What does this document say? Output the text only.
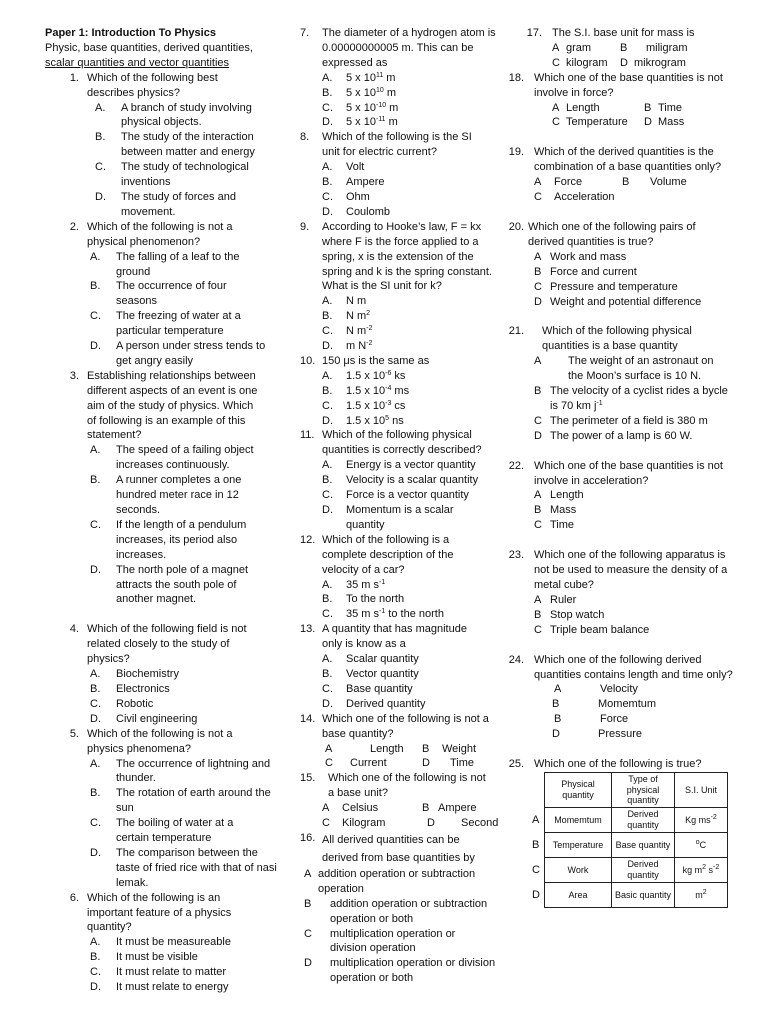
Paper 1: Introduction To Physics
Physic, base quantities, derived quantities,
scalar quantities and vector quantities
1. Which of the following best describes physics?
A.	A branch of study involving physical objects.
B.	The study of the interaction between matter and energy
C.	The study of technological inventions
D.	The study of forces and movement.
2. Which of the following is not a physical phenomenon?
A.	The falling of a leaf to the ground
B.	The occurrence of four seasons
C.	The freezing of water at a particular temperature
D.	A person under stress tends to get angry easily
3. Establishing relationships between different aspects of an event is one aim of the study of physics. Which of following is an example of this statement?
A.	The speed of a failing object increases continuously.
B.	A runner completes a one hundred meter race in 12 seconds.
C.	If the length of a pendulum increases, its period also increases.
D.	The north pole of a magnet attracts the south pole of another magnet.
4. Which of the following field is not related closely to the study of physics?
A.	Biochemistry
B.	Electronics
C.	Robotic
D.	Civil engineering
5. Which of the following is not a physics phenomena?
A.	The occurrence of lightning and thunder.
B.	The rotation of earth around the sun
C.	The boiling of water at a certain temperature
D.	The comparison between the taste of fried rice with that of nasi lemak.
6. Which of the following is an important feature of a physics quantity?
A.	It must be measureable
B.	It must be visible
C.	It must relate to matter
D.	It must relate to energy
7.	The diameter of a hydrogen atom is 0.00000000005 m. This can be expressed as
A.	5 x $10^{11}$ m
B.	5 x $10^{10}$ m
C.	5 x $10^{-10}$ m
D.	5 x $10^{-11}$ m
8.	Which of the following is the SI unit for electric current?
A.	Volt
B.	Ampere
C.	Ohm
D.	Coulomb
9.	According to Hooke’s law, F = kx where F is the force applied to a spring, x is the extension of the spring and k is the spring constant. What is the SI unit for k?
A.	N m
B.	N $m^2$
C.	N $m^{-2}$
D.	m $N^{-2}$
10. 150 μs is the same as
A.	1.5 x $10^{-6}$ ks
B.	1.5 x $10^{-4}$ ms
C.	1.5 x $10^{-3}$ cs
D.	1.5 x $10^5$ ns
11. Which of the following physical quantities is correctly described?
A.	Energy is a vector quantity
B.	Velocity is a scalar quantity
C.	Force is a vector quantity
D.	Momentum is a scalar quantity
12. Which of the following is a complete description of the velocity of a car?
A.	35 m $s^{-1}$
B.	To the north
C.	35 m $s^{-1}$ to the north
13. A quantity that has magnitude only is know as a
A.	Scalar quantity
B.	Vector quantity
C.	Base quantity
D.	Derived quantity
14. Which one of the following is not a base quantity?
A	Length	B	Weight
C	Current	D	Time
15.	Which one of the following is not a base unit?
A	Celsius	B Ampere
C	Kilogram	D	Second
16. All derived quantities can be derived from base quantities by
A addition operation or subtraction operation
B	addition operation or subtraction operation or both
C	multiplication operation or division operation
D	multiplication operation or division operation or both
17. The S.I. base unit for mass is
A gram	B	miligram
C kilogram	D mikrogram
18. Which one of the base quantities is not involve in force?
A Length	B Time
C Temperature	D Mass
19. Which of the derived quantities is the combination of a base quantities only?
A	Force	B	Volume
C	Acceleration
20. Which one of the following pairs of derived quantities is true?
A Work and mass
B Force and current
C Pressure and temperature
D Weight and potential difference
21.	Which of the following physical quantities is a base quantity
A	The weight of an astronaut on the Moon’s surface is 10 N.
B The velocity of a cyclist rides a bycle is 70 km $j^{-1}$
C The perimeter of a field is 380 m
D The power of a lamp is 60 W.
22. Which one of the base quantities is not involve in acceleration?
A Length
B Mass
C Time
23. Which one of the following apparatus is not be used to measure the density of a metal cube?
A Ruler
B Stop watch
C Triple beam balance
24. Which one of the following derived quantities contains length and time only?
A	Velocity
B	Momemtum
B	Force
D	Pressure
25. Which one of the following is true?
	Physical quantity	Type of physical quantity	S.I. Unit
A	Momemtum	Derived quantity	Kg $ms^{-2}$
B	Temperature	Base quantity	$^o$C
C	Work	Derived quantity	kg $m^2$ $s^{-2}$
D	Area	Basic quantity	$m^2$
